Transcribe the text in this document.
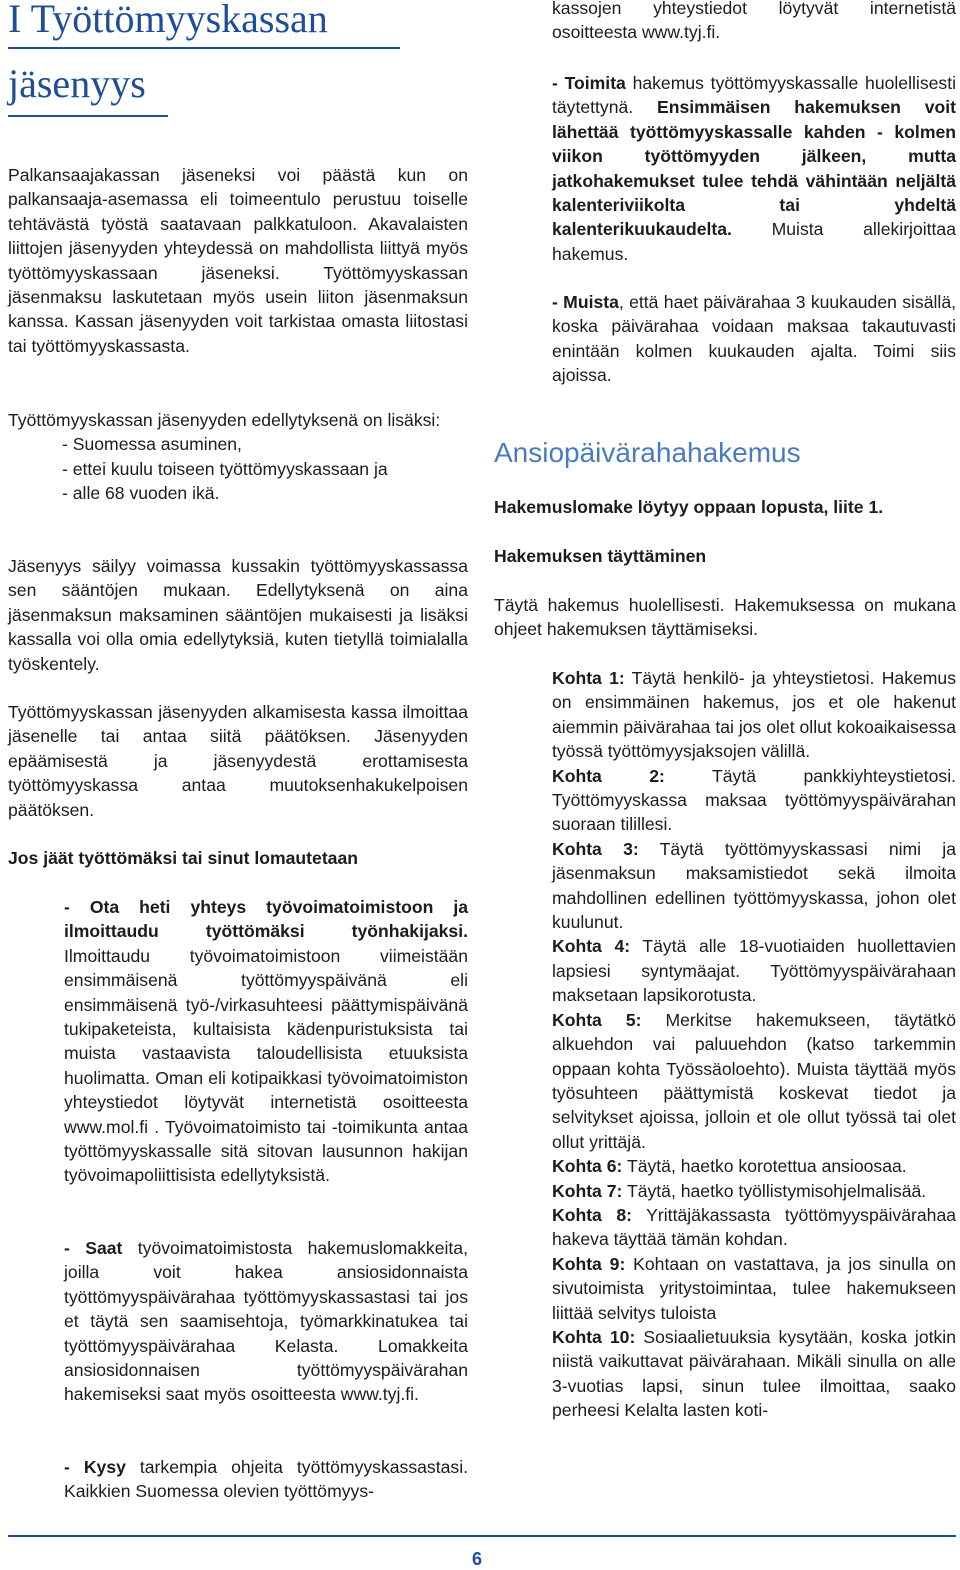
I Työttömyyskassan
jäsenyys

Palkansaajakassan jäseneksi voi päästä kun on palkansaaja-asemassa eli toimeentulo perustuu toiselle tehtävästä työstä saatavaan palkkatuloon. Akavalaisten liittojen jäsenyyden yhteydessä on mahdollista liittyä myös työttömyyskassaan jäseneksi. Työttömyyskassan jäsenmaksu laskutetaan myös usein liiton jäsenmaksun kanssa. Kassan jäsenyyden voit tarkistaa omasta liitostasi tai työttömyyskassasta.

Työttömyyskassan jäsenyyden edellytyksenä on lisäksi:

- Suomessa asuminen,
- ettei kuulu toiseen työttömyyskassaan ja
- alle 68 vuoden ikä.

Jäsenyys säilyy voimassa kussakin työttömyyskassassa sen sääntöjen mukaan. Edellytyksenä on aina jäsenmaksun maksaminen sääntöjen mukaisesti ja lisäksi kassalla voi olla omia edellytyksiä, kuten tietyllä toimialalla työskentely.

Työttömyyskassan jäsenyyden alkamisesta kassa ilmoittaa jäsenelle tai antaa siitä päätöksen. Jäsenyyden epäämisestä ja jäsenyydestä erottamisesta työttömyyskassa antaa muutoksenhakukelpoisen päätöksen.

Jos jäät työttömäksi tai sinut lomautetaan

- Ota heti yhteys työvoimatoimistoon ja ilmoittaudu työttömäksi työnhakijaksi. Ilmoittaudu työvoimatoimistoon viimeistään ensimmäisenä työttömyyspäivänä eli ensimmäisenä työ-/virkasuhteesi päättymispäivänä tukipaketeista, kultaisista kädenpuristuksista tai muista vastaavista taloudellisista etuuksista huolimatta. Oman eli kotipaikkasi työvoimatoimiston yhteystiedot löytyvät internetistä osoitteesta www.mol.fi . Työvoimatoimisto tai -toimikunta antaa työttömyyskassalle sitä sitovan lausunnon hakijan työvoimapoliittisista edellytyksistä.

- Saat työvoimatoimistosta hakemuslomakkeita, joilla voit hakea ansiosidonnaista työttömyyspäivärahaa työttömyyskassastasi tai jos et täytä sen saamisehtoja, työmarkkinatukea tai työttömyyspäivärahaa Kelasta. Lomakkeita ansiosidonnaisen työttömyyspäivärahan hakemiseksi saat myös osoitteesta www.tyj.fi.

- Kysy tarkempia ohjeita työttömyyskassastasi. Kaikkien Suomessa olevien työttömyys-

kassojen yhteystiedot löytyvät internetistä osoitteesta www.tyj.fi.

- Toimita hakemus työttömyyskassalle huolellisesti täytettynä. Ensimmäisen hakemuksen voit lähettää työttömyyskassalle kahden - kolmen viikon työttömyyden jälkeen, mutta jatkohakemukset tulee tehdä vähintään neljältä kalenteriviikolta tai yhdeltä kalenterikuukaudelta. Muista allekirjoittaa hakemus.

- Muista, että haet päivärahaa 3 kuukauden sisällä, koska päivärahaa voidaan maksaa takautuvasti enintään kolmen kuukauden ajalta. Toimi siis ajoissa.

Ansiopäivärahahakemus
Hakemuslomake löytyy oppaan lopusta, liite 1.
Hakemuksen täyttäminen

Täytä hakemus huolellisesti. Hakemuksessa on mukana ohjeet hakemuksen täyttämiseksi.

Kohta 1: Täytä henkilö- ja yhteystietosi. Hakemus on ensimmäinen hakemus, jos et ole hakenut aiemmin päivärahaa tai jos olet ollut kokoaikaisessa työssä työttömyysjaksojen välillä.

Kohta 2: Täytä pankkiyhteystietosi. Työttömyyskassa maksaa työttömyyspäivärahan suoraan tilillesi.

Kohta 3: Täytä työttömyyskassasi nimi ja jäsenmaksun maksamistiedot sekä ilmoita mahdollinen edellinen työttömyyskassa, johon olet kuulunut.

Kohta 4: Täytä alle 18-vuotiaiden huollettavien lapsiesi syntymäajat. Työttömyyspäivärahaan maksetaan lapsikorotusta.

Kohta 5: Merkitse hakemukseen, täytätkö alkuehdon vai paluuehdon (katso tarkemmin oppaan kohta Työssäoloehto). Muista täyttää myös työsuhteen päättymistä koskevat tiedot ja selvitykset ajoissa, jolloin et ole ollut työssä tai olet ollut yrittäjä.

Kohta 6: Täytä, haetko korotettua ansioosaa.

Kohta 7: Täytä, haetko työllistymisohjelmalisää.

Kohta 8: Yrittäjäkassasta työttömyyspäivärahaa hakeva täyttää tämän kohdan.

Kohta 9: Kohtaan on vastattava, ja jos sinulla on sivutoimista yritystoimintaa, tulee hakemukseen liittää selvitys tuloista

Kohta 10: Sosiaalietuuksia kysytään, koska jotkin niistä vaikuttavat päivärahaan. Mikäli sinulla on alle 3-vuotias lapsi, sinun tulee ilmoittaa, saako perheesi Kelalta lasten koti-

6
